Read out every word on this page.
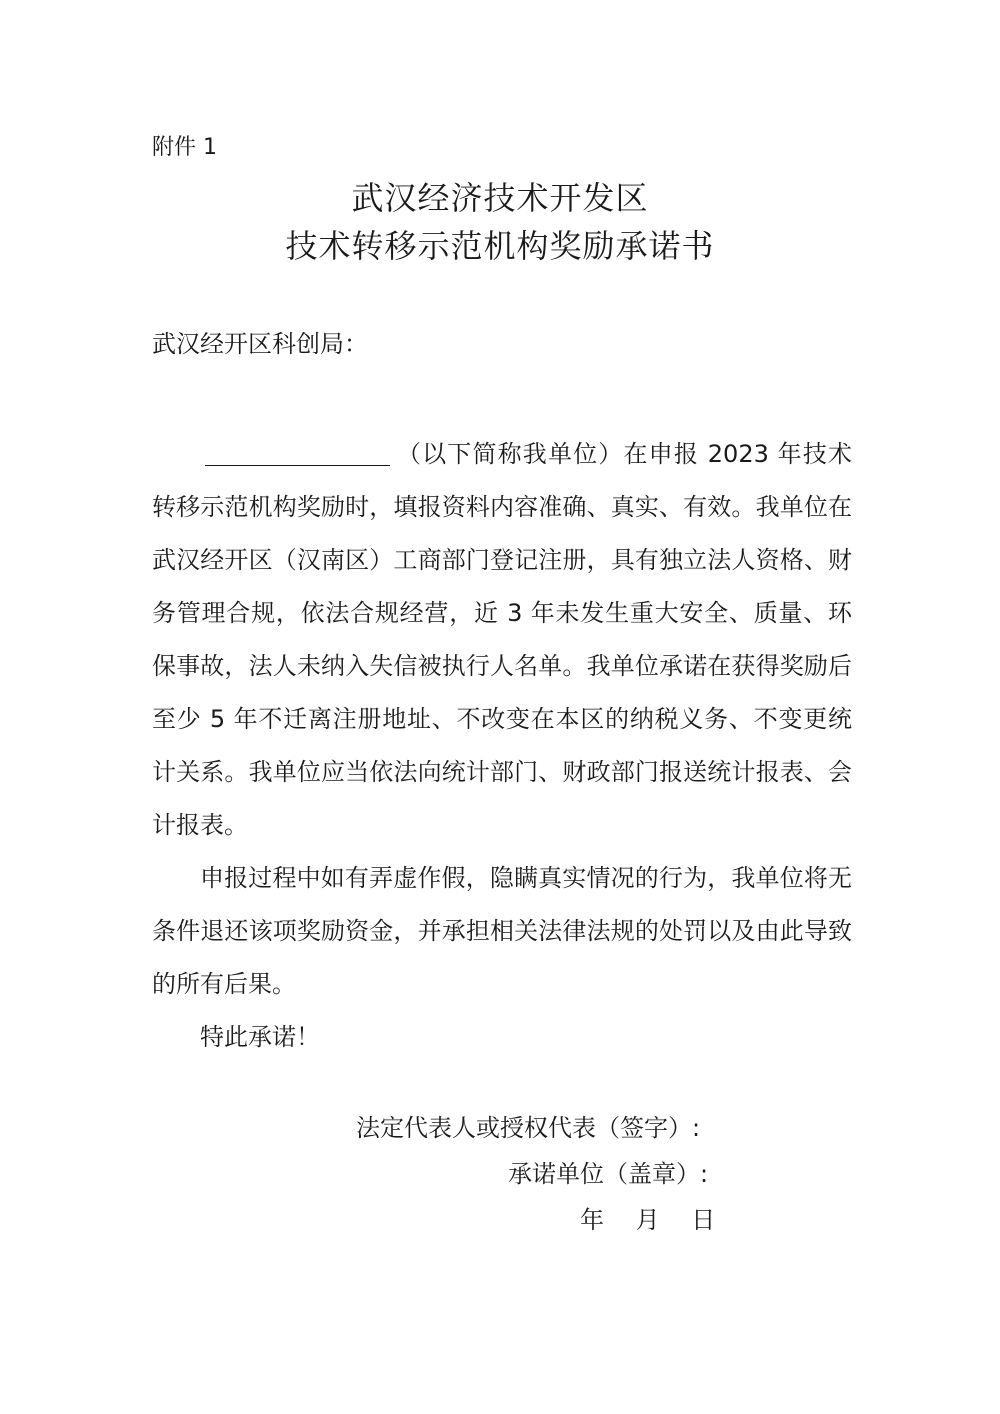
附件 1
武汉经济技术开发区
技术转移示范机构奖励承诺书
武汉经开区科创局：

（以下简称我单位）在申报 2023 年技术转移示范机构奖励时，填报资料内容准确、真实、有效。我单位在武汉经开区（汉南区）工商部门登记注册，具有独立法人资格、财务管理合规，依法合规经营，近 3 年未发生重大安全、质量、环保事故，法人未纳入失信被执行人名单。我单位承诺在获得奖励后至少 5 年不迁离注册地址、不改变在本区的纳税义务、不变更统计关系。我单位应当依法向统计部门、财政部门报送统计报表、会计报表。

申报过程中如有弄虚作假，隐瞒真实情况的行为，我单位将无条件退还该项奖励资金，并承担相关法律法规的处罚以及由此导致的所有后果。

特此承诺！

法定代表人或授权代表（签字）:
承诺单位（盖章）:
年 月 日
